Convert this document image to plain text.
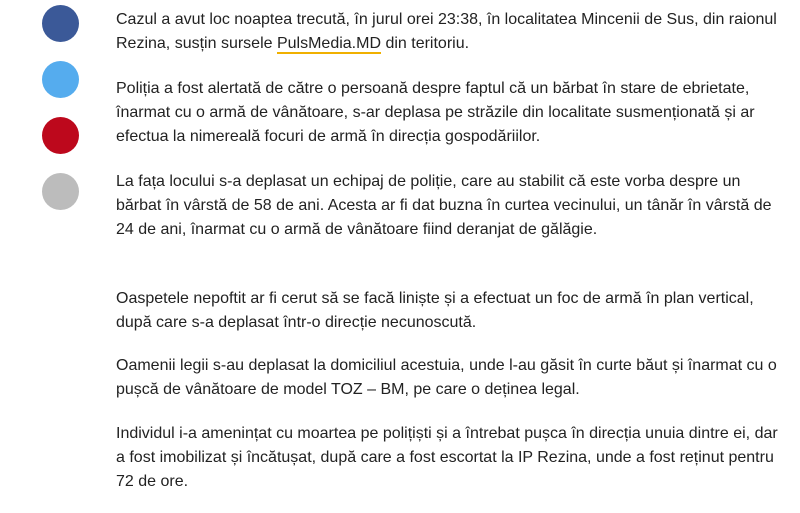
Cazul a avut loc noaptea trecută, în jurul orei 23:38, în localitatea Mincenii de Sus, din raionul Rezina, susțin sursele PulsMedia.MD din teritoriu.

Poliția a fost alertată de către o persoană despre faptul că un bărbat în stare de ebrietate, înarmat cu o armă de vânătoare, s-ar deplasa pe străzile din localitate susmenționată și ar efectua la nimereală focuri de armă în direcția gospodăriilor.

La fața locului s-a deplasat un echipaj de poliție, care au stabilit că este vorba despre un bărbat în vârstă de 58 de ani. Acesta ar fi dat buzna în curtea vecinului, un tânăr în vârstă de 24 de ani, înarmat cu o armă de vânătoare fiind deranjat de gălăgie.

Oaspetele nepoftit ar fi cerut să se facă liniște și a efectuat un foc de armă în plan vertical, după care s-a deplasat într-o direcție necunoscută.

Oamenii legii s-au deplasat la domiciliul acestuia, unde l-au găsit în curte băut și înarmat cu o pușcă de vânătoare de model TOZ – BM, pe care o deținea legal.

Individul i-a amenințat cu moartea pe polițiști și a întrebat pușca în direcția unuia dintre ei, dar a fost imobilizat și încătușat, după care a fost escortat la IP Rezina, unde a fost reținut pentru 72 de ore.
